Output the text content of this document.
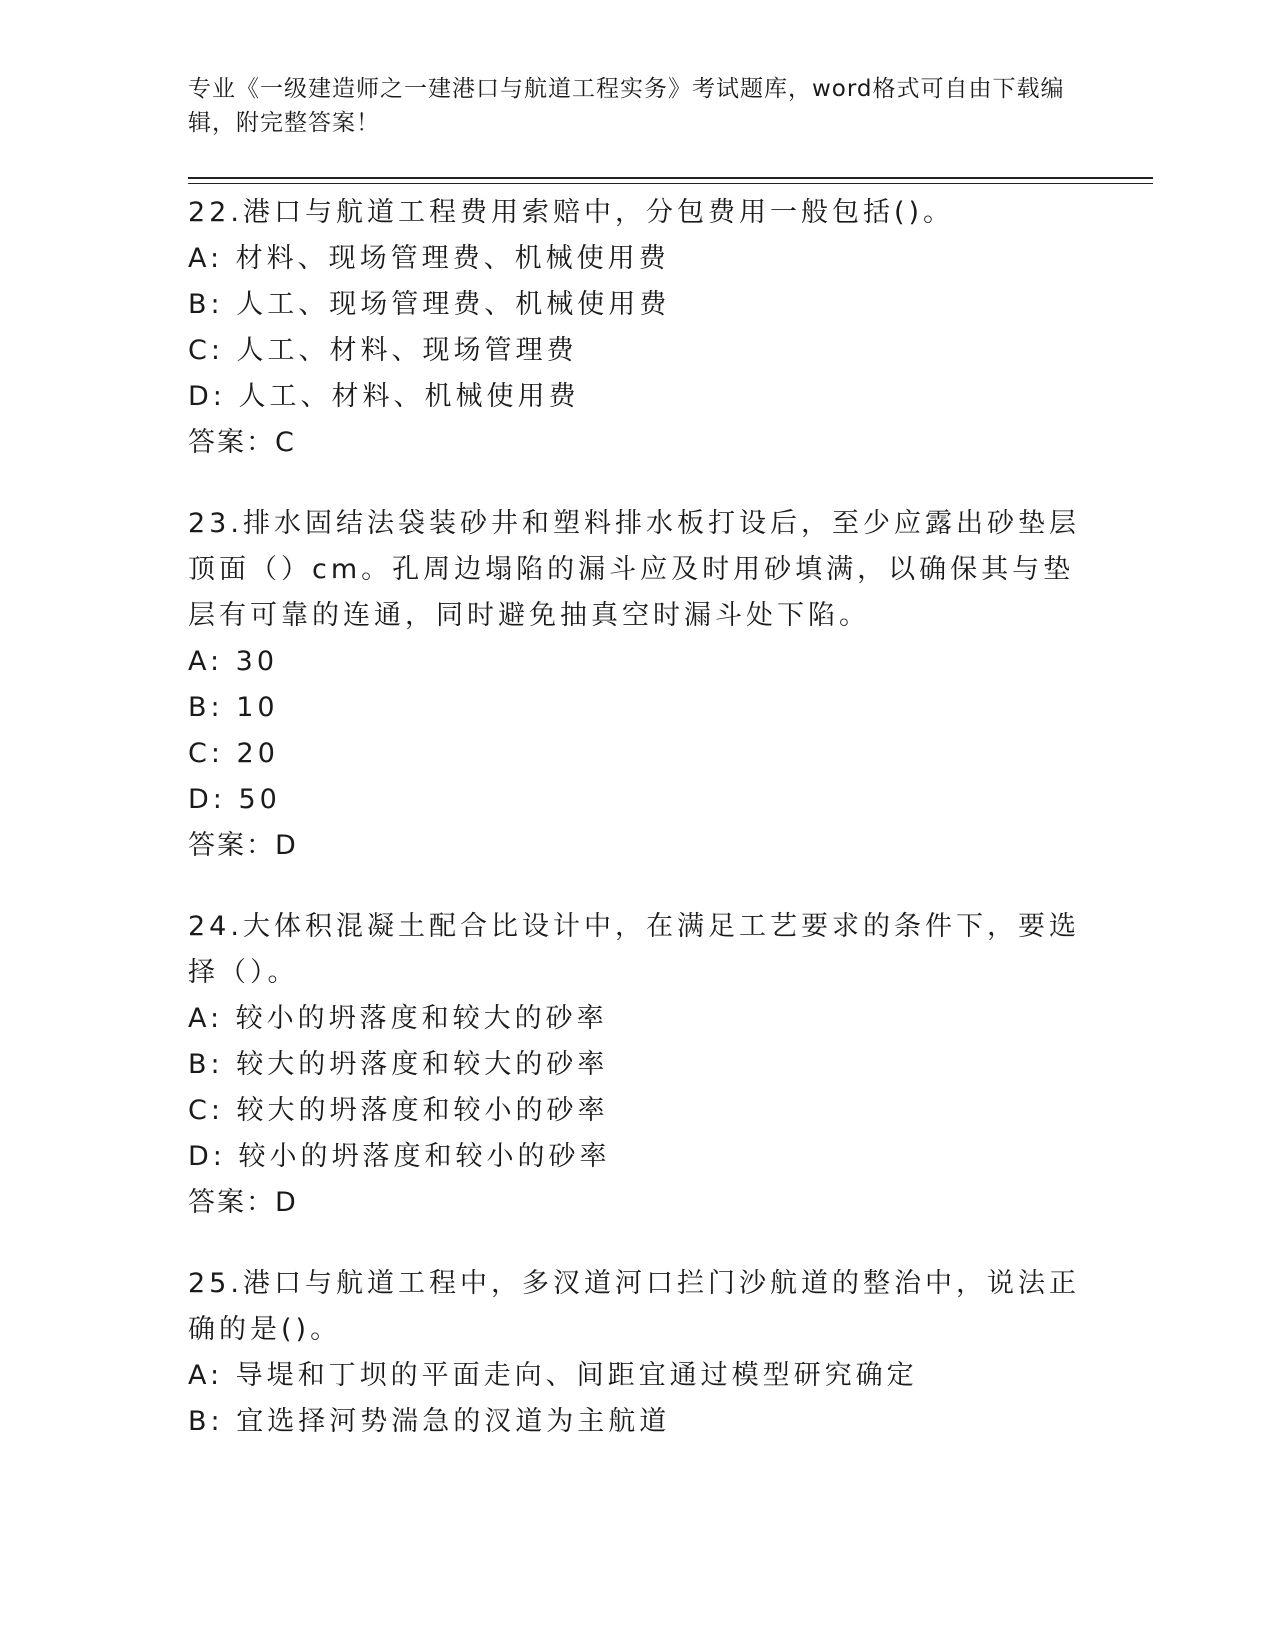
专业《一级建造师之一建港口与航道工程实务》考试题库，word格式可自由下载编辑，附完整答案！
22.港口与航道工程费用索赔中，分包费用一般包括()。
A: 材料、现场管理费、机械使用费
B: 人工、现场管理费、机械使用费
C: 人工、材料、现场管理费
D: 人工、材料、机械使用费
答案：C
23.排水固结法袋装砂井和塑料排水板打设后，至少应露出砂垫层顶面（）cm。孔周边塌陷的漏斗应及时用砂填满，以确保其与垫层有可靠的连通，同时避免抽真空时漏斗处下陷。
A: 30
B: 10
C: 20
D: 50
答案：D
24.大体积混凝土配合比设计中，在满足工艺要求的条件下，要选择（）。
A: 较小的坍落度和较大的砂率
B: 较大的坍落度和较大的砂率
C: 较大的坍落度和较小的砂率
D: 较小的坍落度和较小的砂率
答案：D
25.港口与航道工程中，多汊道河口拦门沙航道的整治中，说法正确的是()。
A: 导堤和丁坝的平面走向、间距宜通过模型研究确定
B: 宜选择河势湍急的汊道为主航道
